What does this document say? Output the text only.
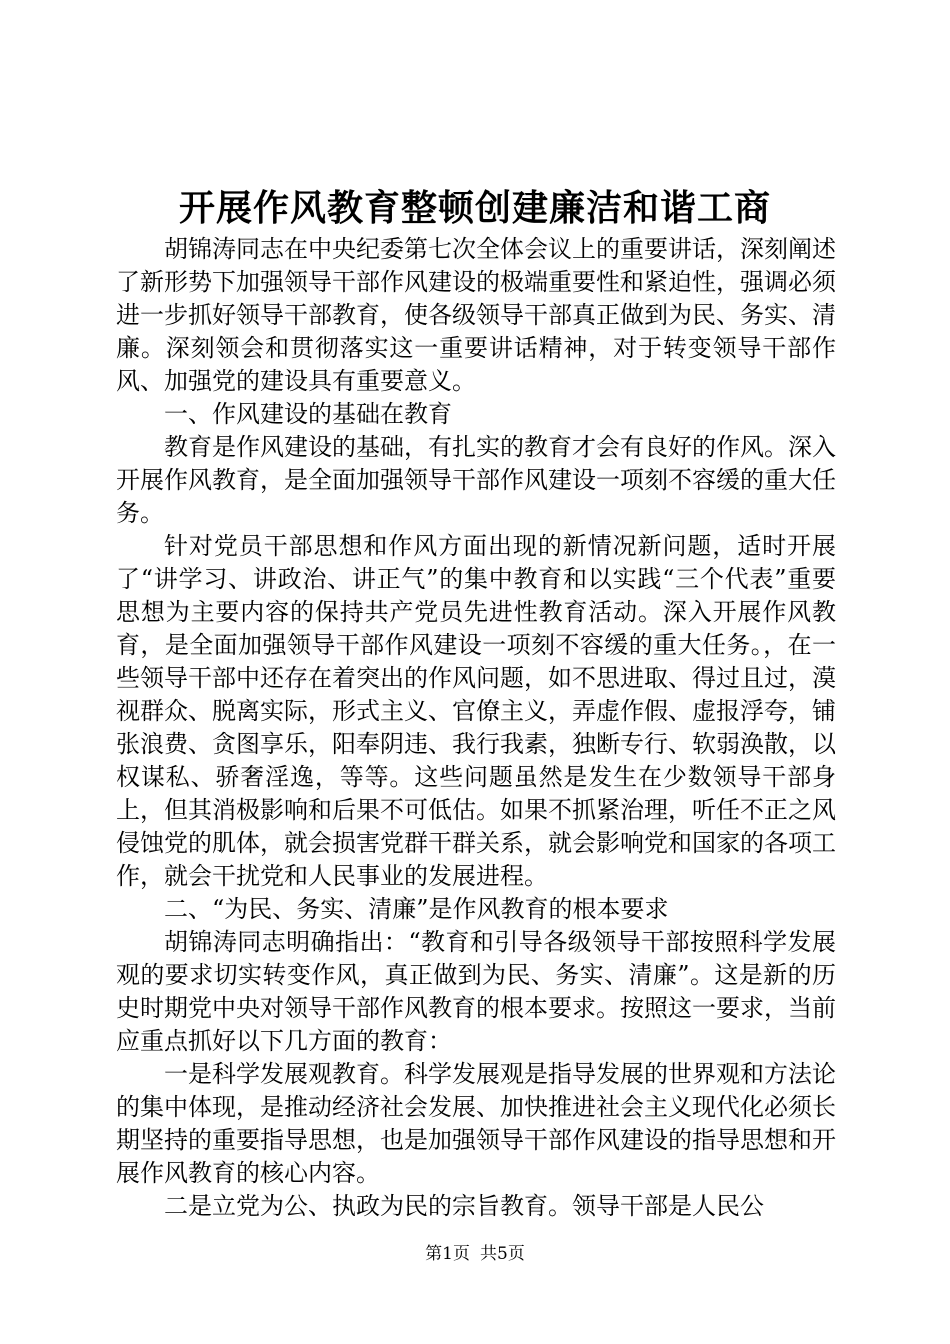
开展作风教育整顿创建廉洁和谐工商

胡锦涛同志在中央纪委第七次全体会议上的重要讲话，深刻阐述了新形势下加强领导干部作风建设的极端重要性和紧迫性，强调必须进一步抓好领导干部教育，使各级领导干部真正做到为民、务实、清廉。深刻领会和贯彻落实这一重要讲话精神，对于转变领导干部作风、加强党的建设具有重要意义。

一、作风建设的基础在教育

教育是作风建设的基础，有扎实的教育才会有良好的作风。深入开展作风教育，是全面加强领导干部作风建设一项刻不容缓的重大任务。

针对党员干部思想和作风方面出现的新情况新问题，适时开展了“讲学习、讲政治、讲正气”的集中教育和以实践“三个代表”重要思想为主要内容的保持共产党员先进性教育活动。深入开展作风教育，是全面加强领导干部作风建设一项刻不容缓的重大任务。，在一些领导干部中还存在着突出的作风问题，如不思进取、得过且过，漠视群众、脱离实际，形式主义、官僚主义，弄虚作假、虚报浮夸，铺张浪费、贪图享乐，阳奉阴违、我行我素，独断专行、软弱涣散，以权谋私、骄奢淫逸，等等。这些问题虽然是发生在少数领导干部身上，但其消极影响和后果不可低估。如果不抓紧治理，听任不正之风侵蚀党的肌体，就会损害党群干群关系，就会影响党和国家的各项工作，就会干扰党和人民事业的发展进程。

二、“为民、务实、清廉”是作风教育的根本要求

胡锦涛同志明确指出：“教育和引导各级领导干部按照科学发展观的要求切实转变作风，真正做到为民、务实、清廉”。这是新的历史时期党中央对领导干部作风教育的根本要求。按照这一要求，当前应重点抓好以下几方面的教育：

一是科学发展观教育。科学发展观是指导发展的世界观和方法论的集中体现，是推动经济社会发展、加快推进社会主义现代化必须长期坚持的重要指导思想，也是加强领导干部作风建设的指导思想和开展作风教育的核心内容。

二是立党为公、执政为民的宗旨教育。领导干部是人民公

第1页 共5页
